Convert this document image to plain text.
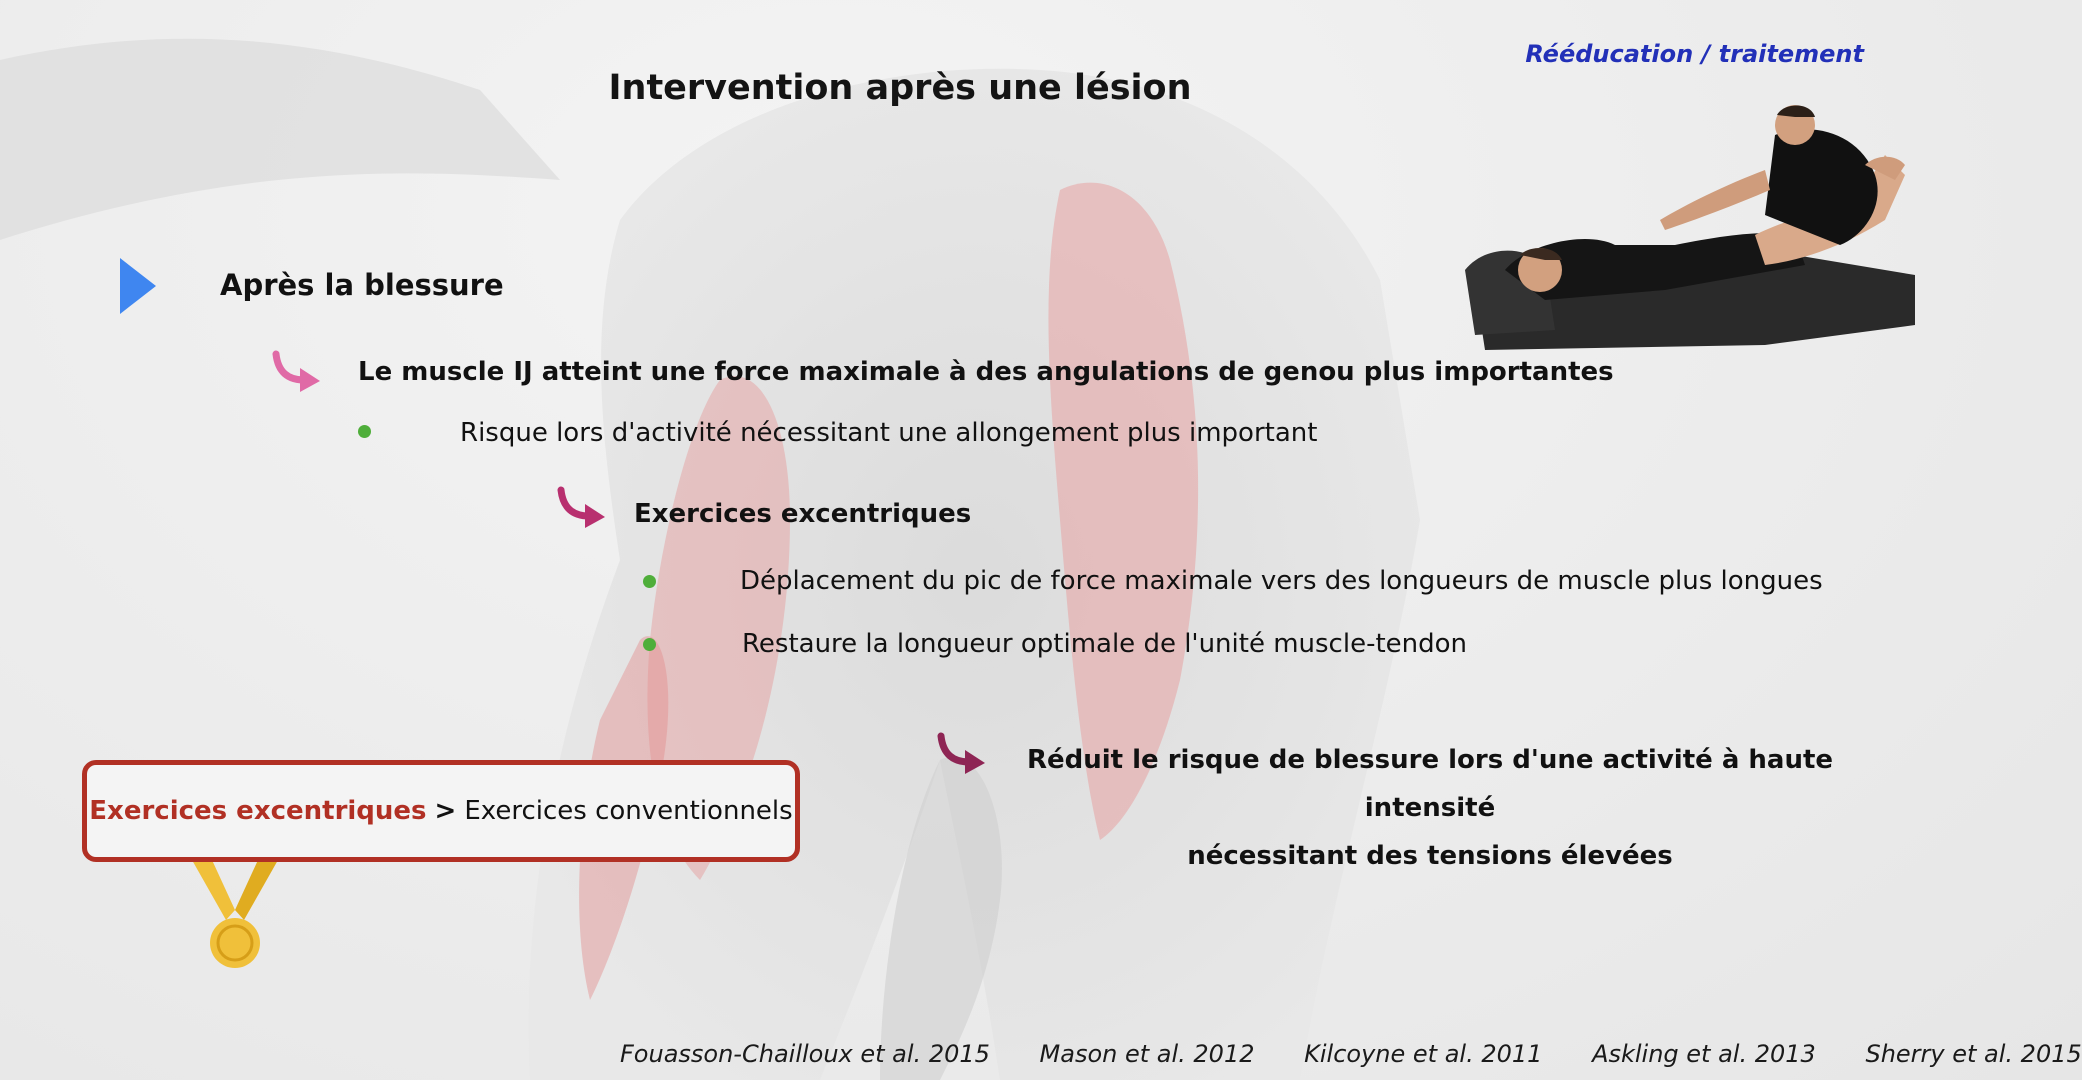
Intervention après une lésion
Rééducation / traitement
Après la blessure
Le muscle IJ atteint une force maximale à des angulations de genou plus importantes
Risque lors d'activité nécessitant une allongement plus important
Exercices excentriques
Déplacement du pic de force maximale vers des longueurs de muscle plus longues
Restaure la longueur optimale de l'unité muscle-tendon
Réduit le risque de blessure lors d'une activité à haute intensité
nécessitant des tensions élevées
Exercices excentriques > Exercices conventionnels
Fouasson-Chailloux et al. 2015 Mason et al. 2012 Kilcoyne et al. 2011 Askling et al. 2013 Sherry et al. 2015
